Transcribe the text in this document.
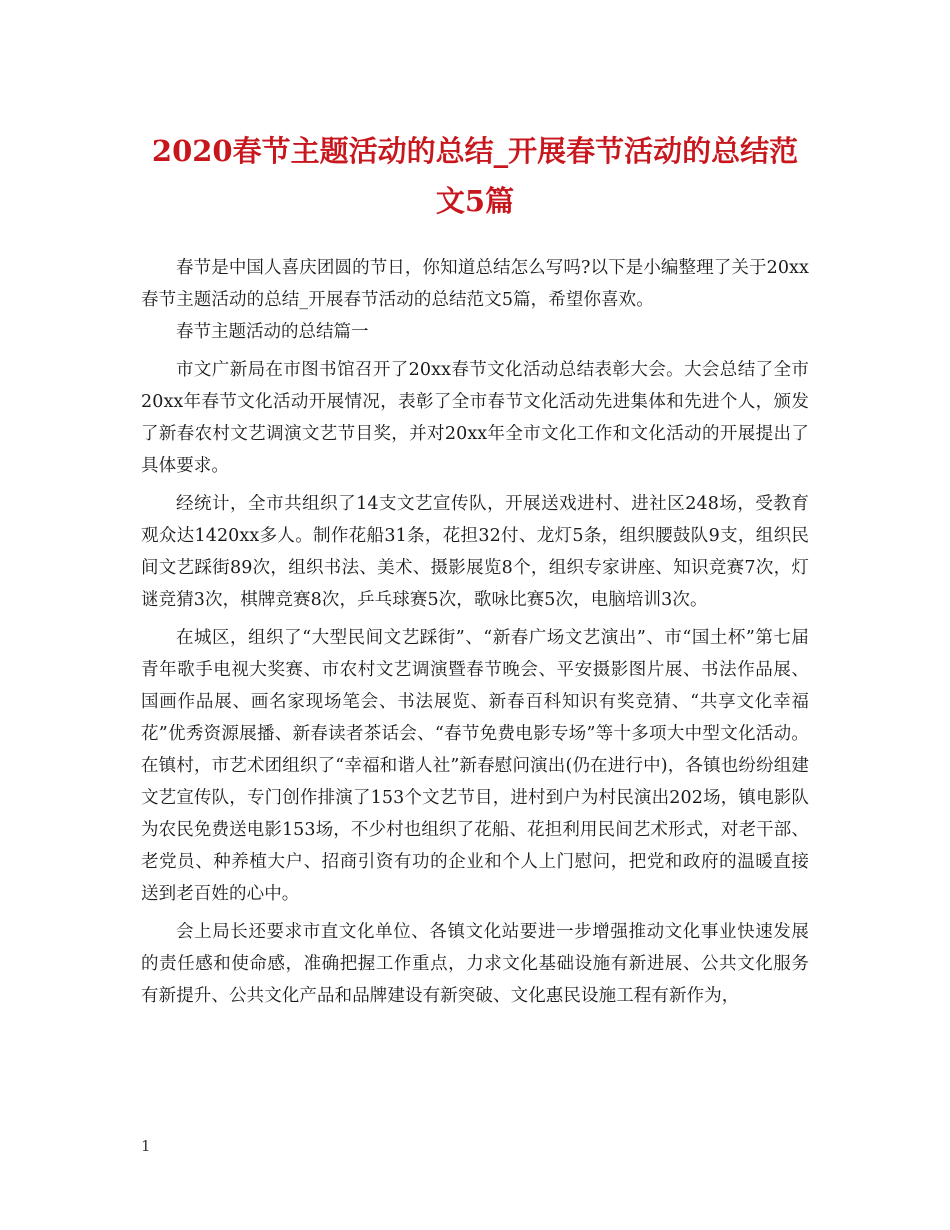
2020春节主题活动的总结_开展春节活动的总结范文5篇

春节是中国人喜庆团圆的节日，你知道总结怎么写吗?以下是小编整理了关于20xx春节主题活动的总结_开展春节活动的总结范文5篇，希望你喜欢。

春节主题活动的总结篇一

市文广新局在市图书馆召开了20xx春节文化活动总结表彰大会。大会总结了全市20xx年春节文化活动开展情况，表彰了全市春节文化活动先进集体和先进个人，颁发了新春农村文艺调演文艺节目奖，并对20xx年全市文化工作和文化活动的开展提出了具体要求。

经统计，全市共组织了14支文艺宣传队，开展送戏进村、进社区248场，受教育观众达1420xx多人。制作花船31条，花担32付、龙灯5条，组织腰鼓队9支，组织民间文艺踩街89次，组织书法、美术、摄影展览8个，组织专家讲座、知识竞赛7次，灯谜竞猜3次，棋牌竞赛8次，乒乓球赛5次，歌咏比赛5次，电脑培训3次。

在城区，组织了“大型民间文艺踩街”、“新春广场文艺演出”、市“国土杯”第七届青年歌手电视大奖赛、市农村文艺调演暨春节晚会、平安摄影图片展、书法作品展、国画作品展、画名家现场笔会、书法展览、新春百科知识有奖竞猜、“共享文化幸福花”优秀资源展播、新春读者茶话会、“春节免费电影专场”等十多项大中型文化活动。在镇村，市艺术团组织了“幸福和谐人社”新春慰问演出(仍在进行中)，各镇也纷纷组建文艺宣传队，专门创作排演了153个文艺节目，进村到户为村民演出202场，镇电影队为农民免费送电影153场，不少村也组织了花船、花担利用民间艺术形式，对老干部、老党员、种养植大户、招商引资有功的企业和个人上门慰问，把党和政府的温暖直接送到老百姓的心中。

会上局长还要求市直文化单位、各镇文化站要进一步增强推动文化事业快速发展的责任感和使命感，准确把握工作重点，力求文化基础设施有新进展、公共文化服务有新提升、公共文化产品和品牌建设有新突破、文化惠民设施工程有新作为，

1
